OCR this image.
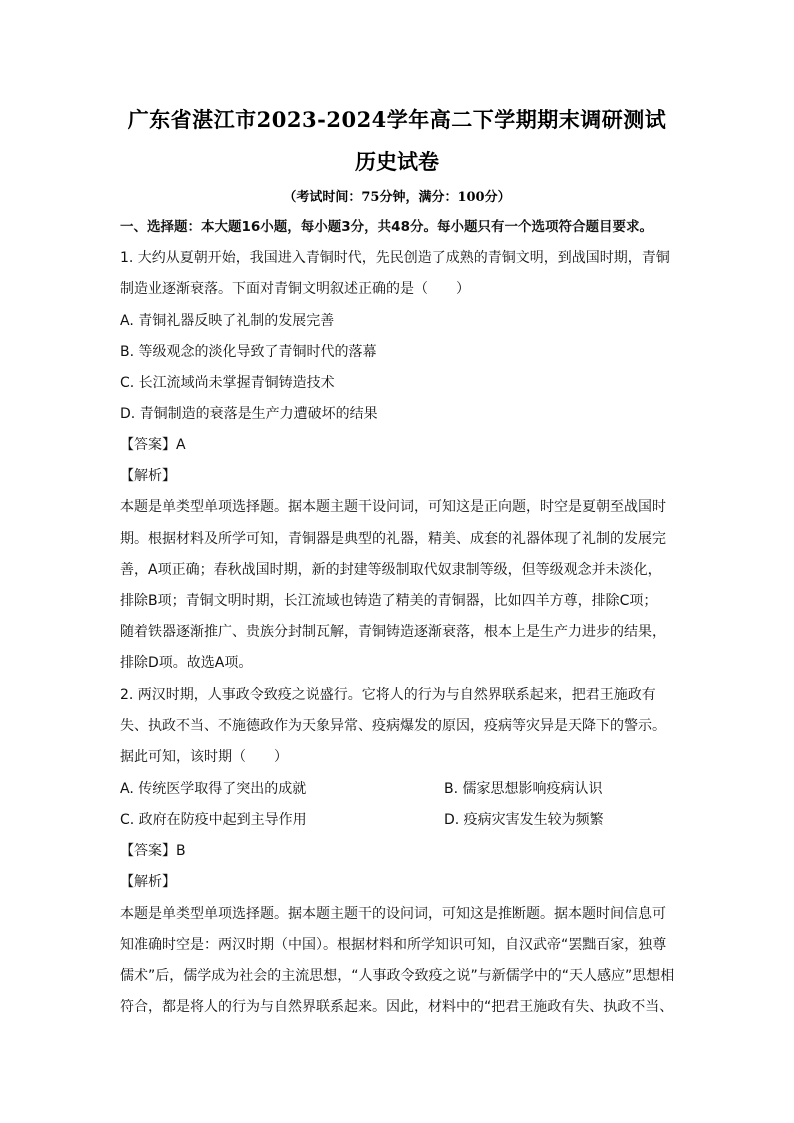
广东省湛江市2023-2024学年高二下学期期末调研测试
历史试卷
（考试时间：75分钟，满分：100分）
一、选择题：本大题16小题，每小题3分，共48分。每小题只有一个选项符合题目要求。
1. 大约从夏朝开始，我国进入青铜时代，先民创造了成熟的青铜文明，到战国时期，青铜
制造业逐渐衰落。下面对青铜文明叙述正确的是（　　）
A. 青铜礼器反映了礼制的发展完善
B. 等级观念的淡化导致了青铜时代的落幕
C. 长江流域尚未掌握青铜铸造技术
D. 青铜制造的衰落是生产力遭破坏的结果
【答案】A
【解析】
本题是单类型单项选择题。据本题主题干设问词，可知这是正向题，时空是夏朝至战国时
期。根据材料及所学可知，青铜器是典型的礼器，精美、成套的礼器体现了礼制的发展完
善，A项正确；春秋战国时期，新的封建等级制取代奴隶制等级，但等级观念并未淡化，
排除B项；青铜文明时期，长江流域也铸造了精美的青铜器，比如四羊方尊，排除C项；
随着铁器逐渐推广、贵族分封制瓦解，青铜铸造逐渐衰落，根本上是生产力进步的结果，
排除D项。故选A项。
2. 两汉时期，人事政令致疫之说盛行。它将人的行为与自然界联系起来，把君王施政有
失、执政不当、不施德政作为天象异常、疫病爆发的原因，疫病等灾异是天降下的警示。
据此可知，该时期（　　）
A. 传统医学取得了突出的成就	B. 儒家思想影响疫病认识
C. 政府在防疫中起到主导作用	D. 疫病灾害发生较为频繁
【答案】B
【解析】
本题是单类型单项选择题。据本题主题干的设问词，可知这是推断题。据本题时间信息可
知准确时空是：两汉时期（中国）。根据材料和所学知识可知，自汉武帝“罢黜百家，独尊
儒术”后，儒学成为社会的主流思想，“人事政令致疫之说”与新儒学中的“天人感应”思想相
符合，都是将人的行为与自然界联系起来。因此，材料中的“把君王施政有失、执政不当、
